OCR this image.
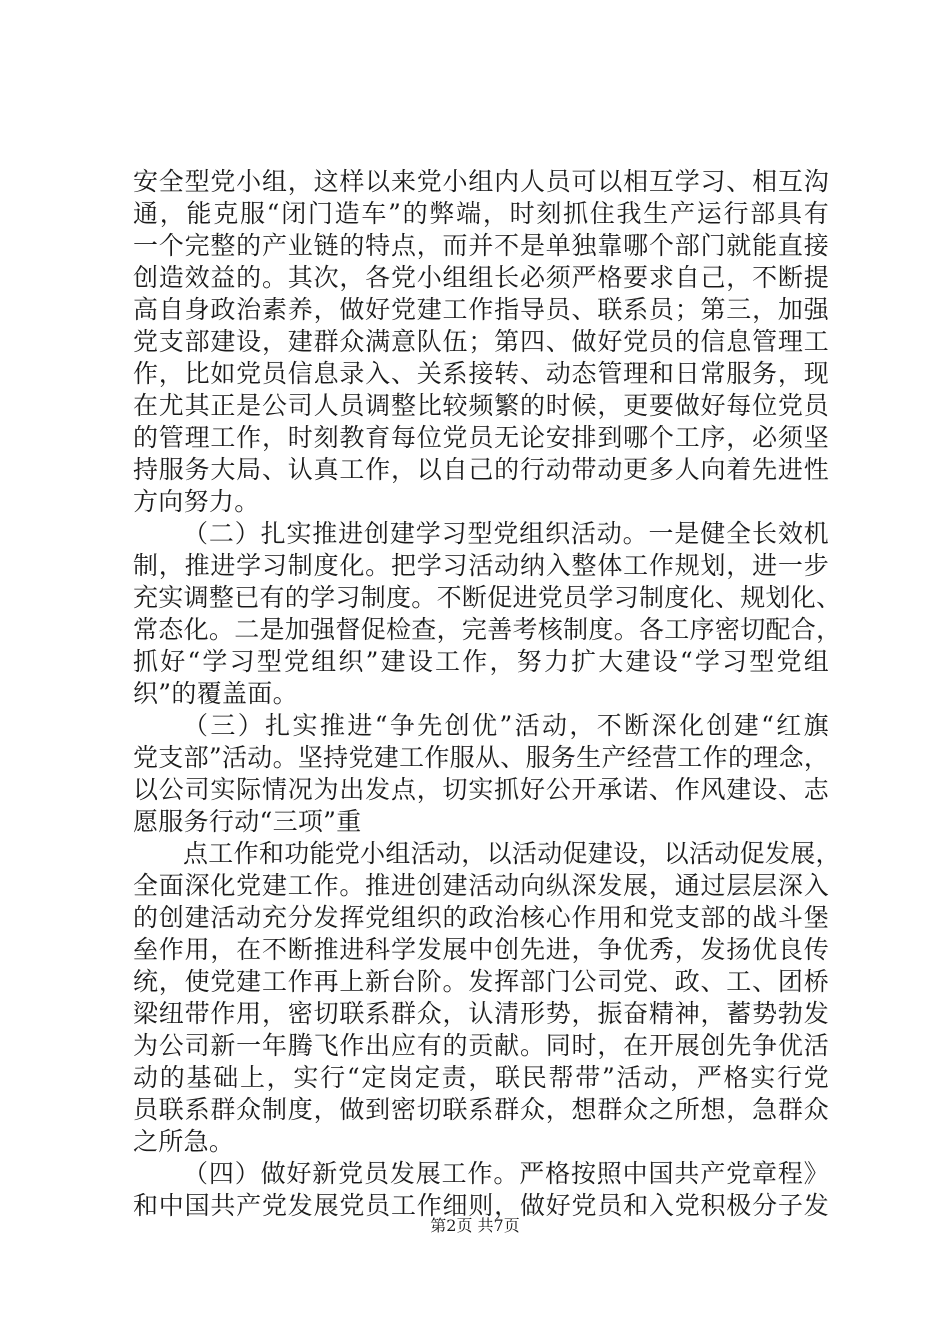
安全型党小组，这样以来党小组内人员可以相互学习、相互沟
通，能克服“闭门造车”的弊端，时刻抓住我生产运行部具有
一个完整的产业链的特点，而并不是单独靠哪个部门就能直接
创造效益的。其次，各党小组组长必须严格要求自己，不断提
高自身政治素养，做好党建工作指导员、联系员；第三，加强
党支部建设，建群众满意队伍；第四、做好党员的信息管理工
作，比如党员信息录入、关系接转、动态管理和日常服务，现
在尤其正是公司人员调整比较频繁的时候，更要做好每位党员
的管理工作，时刻教育每位党员无论安排到哪个工序，必须坚
持服务大局、认真工作，以自己的行动带动更多人向着先进性
方向努力。
（二）扎实推进创建学习型党组织活动。一是健全长效机
制，推进学习制度化。把学习活动纳入整体工作规划，进一步
充实调整已有的学习制度。不断促进党员学习制度化、规划化、
常态化。二是加强督促检查，完善考核制度。各工序密切配合，
抓好“学习型党组织”建设工作，努力扩大建设“学习型党组
织”的覆盖面。
（三）扎实推进“争先创优”活动，不断深化创建“红旗
党支部”活动。坚持党建工作服从、服务生产经营工作的理念，
以公司实际情况为出发点，切实抓好公开承诺、作风建设、志
愿服务行动“三项”重
点工作和功能党小组活动，以活动促建设，以活动促发展，
全面深化党建工作。推进创建活动向纵深发展，通过层层深入
的创建活动充分发挥党组织的政治核心作用和党支部的战斗堡
垒作用，在不断推进科学发展中创先进，争优秀，发扬优良传
统，使党建工作再上新台阶。发挥部门公司党、政、工、团桥
梁纽带作用，密切联系群众，认清形势，振奋精神，蓄势勃发
为公司新一年腾飞作出应有的贡献。同时，在开展创先争优活
动的基础上，实行“定岗定责，联民帮带”活动，严格实行党
员联系群众制度，做到密切联系群众，想群众之所想，急群众
之所急。
（四）做好新党员发展工作。严格按照中国共产党章程》
和中国共产党发展党员工作细则，做好党员和入党积极分子发
第2页 共7页
